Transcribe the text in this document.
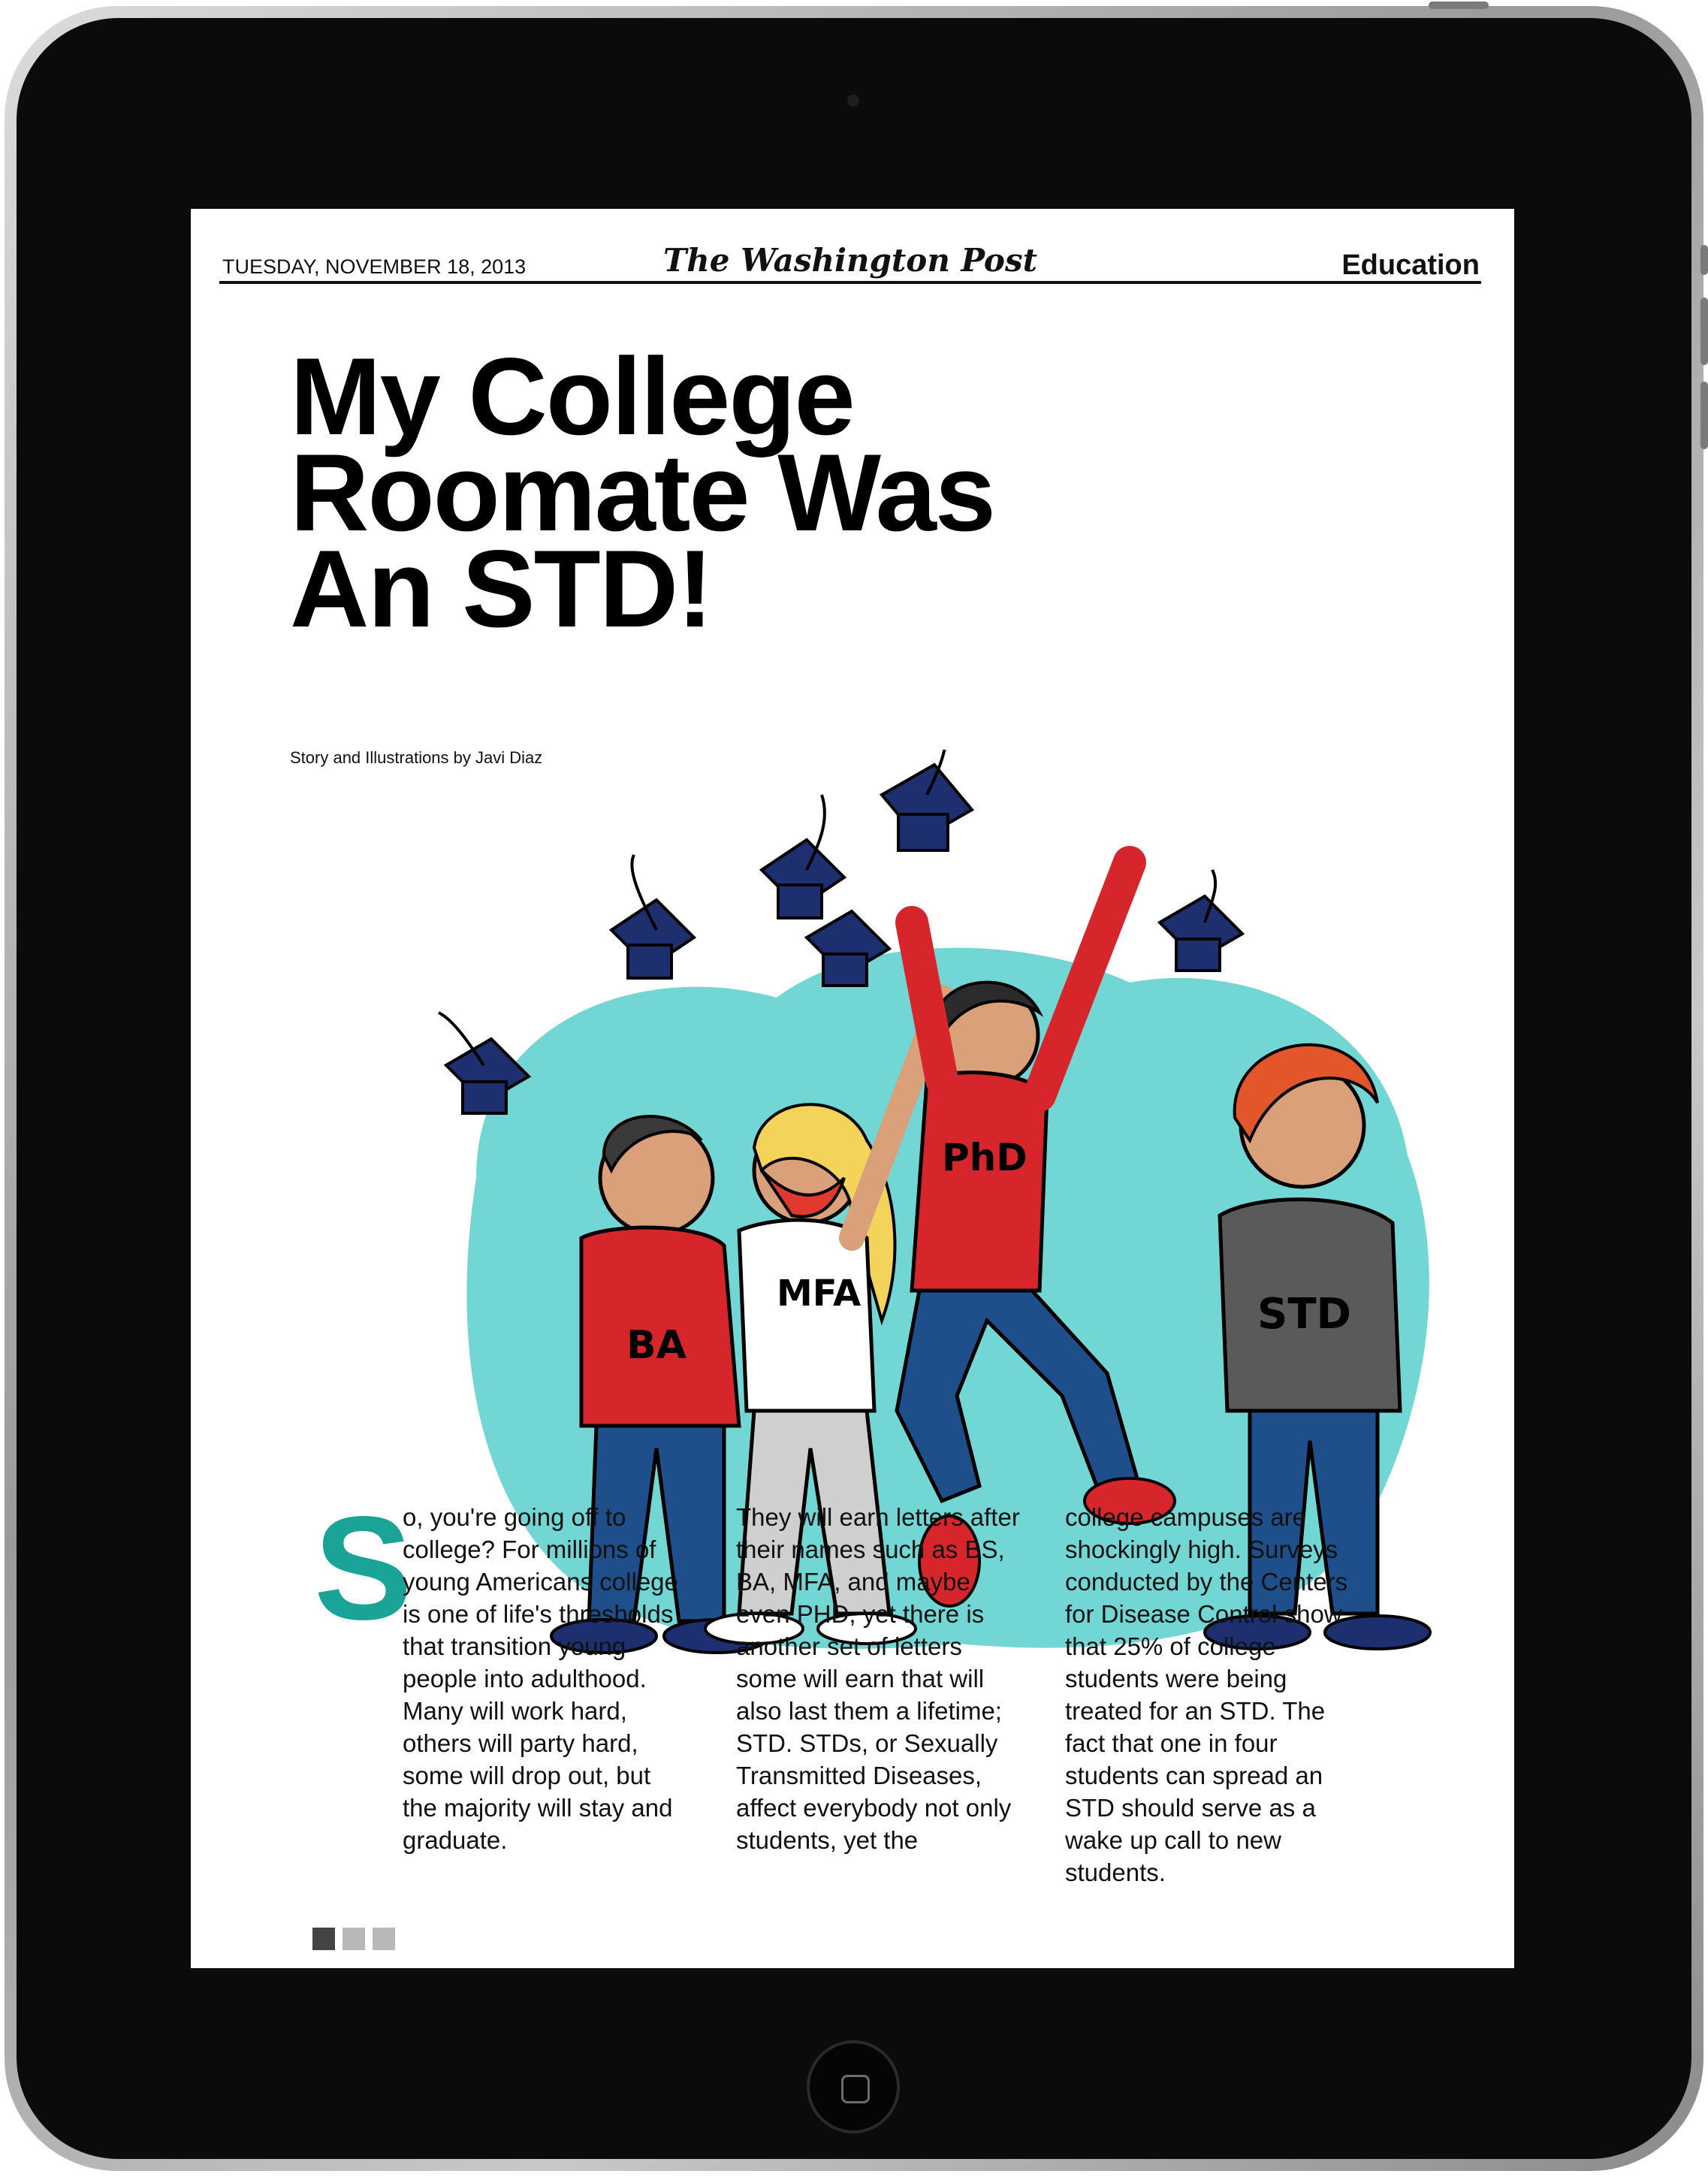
TUESDAY, NOVEMBER 18, 2013	The Washington Post	Education
My College
Roomate Was
An STD!
Story and Illustrations by Javi Diaz
BA
MFA
PhD
STD
S
o, you're going off to college? For millions of young Americans college is one of life's thresholds that transition young people into adulthood. Many will work hard, others will party hard, some will drop out, but the majority will stay and graduate.
They will earn letters after their names such as BS, BA, MFA, and maybe even PHD, yet there is another set of letters some will earn that will also last them a lifetime; STD. STDs, or Sexually Transmitted Diseases, affect everybody not only students, yet the
college campuses are shockingly high. Surveys conducted by the Centers for Disease Control show that 25% of college students were being treated for an STD. The fact that one in four students can spread an STD should serve as a wake up call to new students.
